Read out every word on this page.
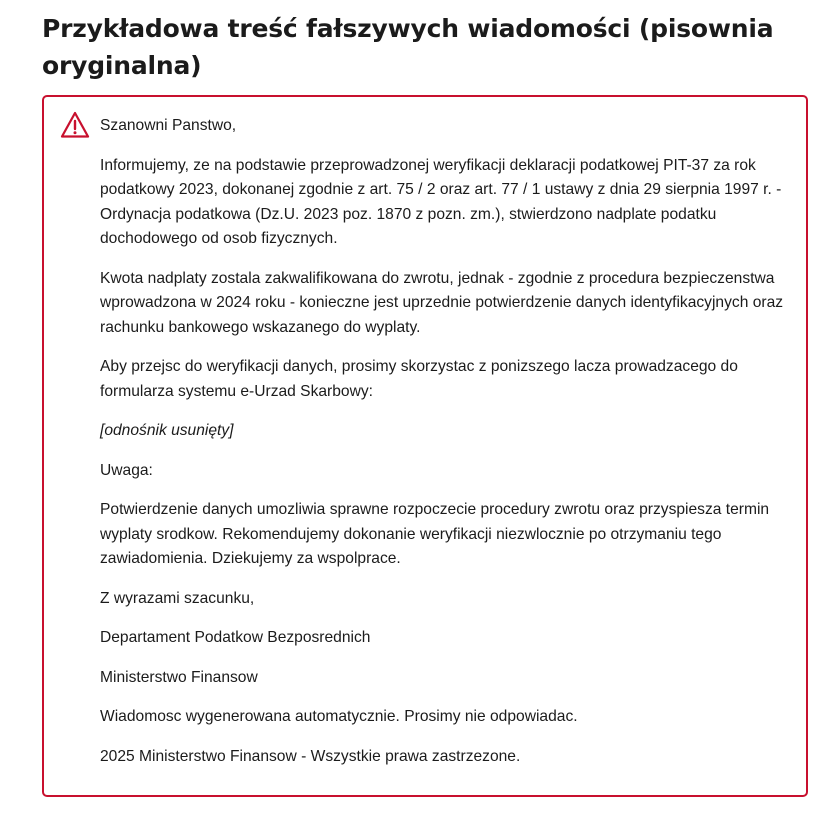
Przykładowa treść fałszywych wiadomości (pisownia oryginalna)

Szanowni Panstwo,

Informujemy, ze na podstawie przeprowadzonej weryfikacji deklaracji podatkowej PIT-37 za rok podatkowy 2023, dokonanej zgodnie z art. 75 / 2 oraz art. 77 / 1 ustawy z dnia 29 sierpnia 1997 r. - Ordynacja podatkowa (Dz.U. 2023 poz. 1870 z pozn. zm.), stwierdzono nadplate podatku dochodowego od osob fizycznych.

Kwota nadplaty zostala zakwalifikowana do zwrotu, jednak - zgodnie z procedura bezpieczenstwa wprowadzona w 2024 roku - konieczne jest uprzednie potwierdzenie danych identyfikacyjnych oraz rachunku bankowego wskazanego do wyplaty.

Aby przejsc do weryfikacji danych, prosimy skorzystac z ponizszego lacza prowadzacego do formularza systemu e-Urzad Skarbowy:

[odnośnik usunięty]

Uwaga:

Potwierdzenie danych umozliwia sprawne rozpoczecie procedury zwrotu oraz przyspiesza termin wyplaty srodkow. Rekomendujemy dokonanie weryfikacji niezwlocznie po otrzymaniu tego zawiadomienia. Dziekujemy za wspolprace.

Z wyrazami szacunku,

Departament Podatkow Bezposrednich

Ministerstwo Finansow

Wiadomosc wygenerowana automatycznie. Prosimy nie odpowiadac.

2025 Ministerstwo Finansow - Wszystkie prawa zastrzezone.
